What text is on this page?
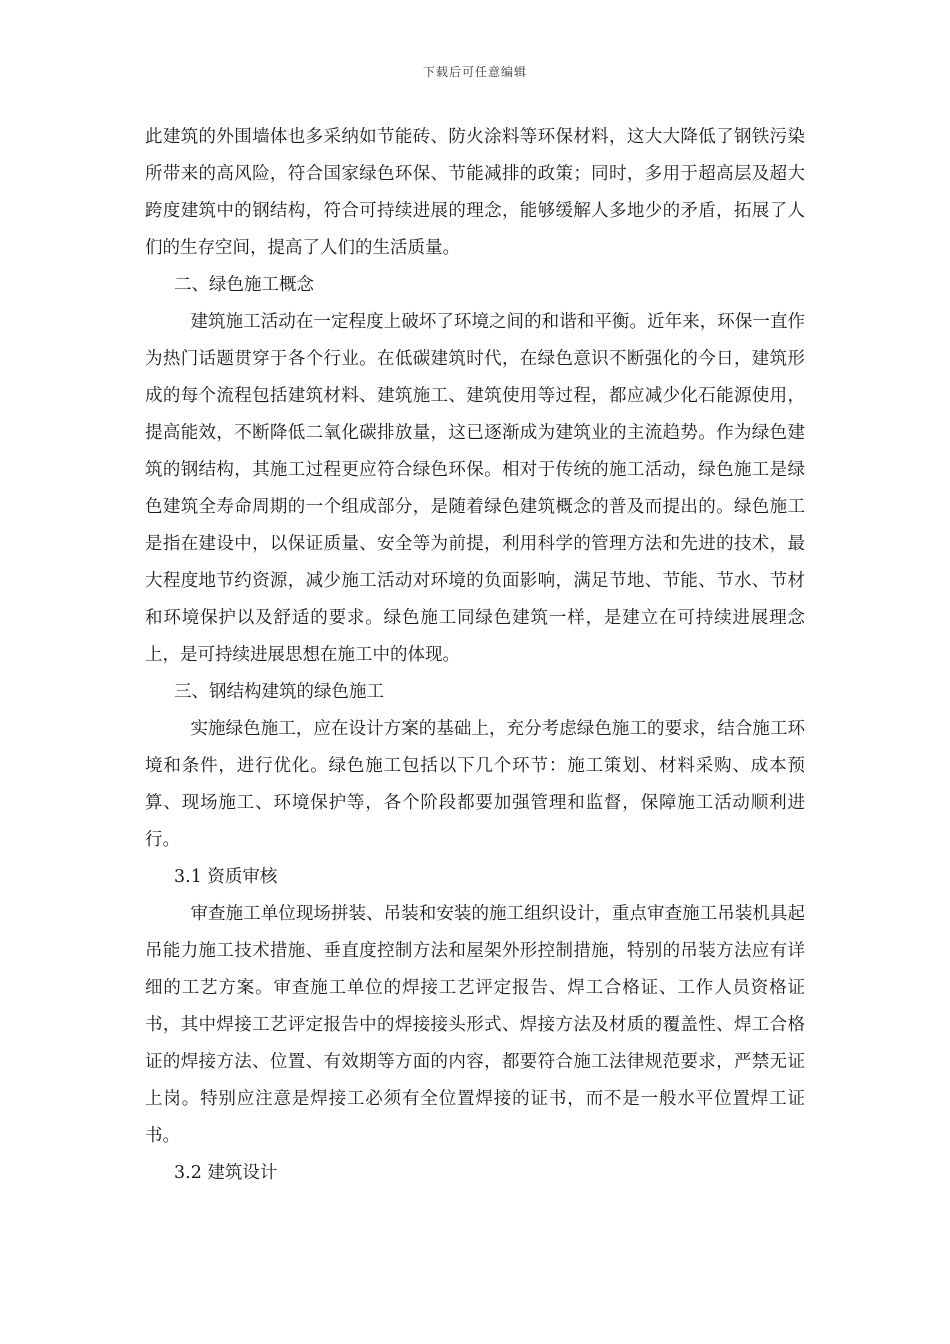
下载后可任意编辑

此建筑的外围墙体也多采纳如节能砖、防火涂料等环保材料，这大大降低了钢铁污染所带来的高风险，符合国家绿色环保、节能减排的政策；同时，多用于超高层及超大跨度建筑中的钢结构，符合可持续进展的理念，能够缓解人多地少的矛盾，拓展了人们的生存空间，提高了人们的生活质量。

二、绿色施工概念

建筑施工活动在一定程度上破坏了环境之间的和谐和平衡。近年来，环保一直作为热门话题贯穿于各个行业。在低碳建筑时代，在绿色意识不断强化的今日，建筑形成的每个流程包括建筑材料、建筑施工、建筑使用等过程，都应减少化石能源使用，提高能效，不断降低二氧化碳排放量，这已逐渐成为建筑业的主流趋势。作为绿色建筑的钢结构，其施工过程更应符合绿色环保。相对于传统的施工活动，绿色施工是绿色建筑全寿命周期的一个组成部分，是随着绿色建筑概念的普及而提出的。绿色施工是指在建设中，以保证质量、安全等为前提，利用科学的管理方法和先进的技术，最大程度地节约资源，减少施工活动对环境的负面影响，满足节地、节能、节水、节材和环境保护以及舒适的要求。绿色施工同绿色建筑一样，是建立在可持续进展理念上，是可持续进展思想在施工中的体现。

三、钢结构建筑的绿色施工

实施绿色施工，应在设计方案的基础上，充分考虑绿色施工的要求，结合施工环境和条件，进行优化。绿色施工包括以下几个环节：施工策划、材料采购、成本预算、现场施工、环境保护等，各个阶段都要加强管理和监督，保障施工活动顺利进行。

3.1 资质审核

审查施工单位现场拼装、吊装和安装的施工组织设计，重点审查施工吊装机具起吊能力施工技术措施、垂直度控制方法和屋架外形控制措施，特别的吊装方法应有详细的工艺方案。审查施工单位的焊接工艺评定报告、焊工合格证、工作人员资格证书，其中焊接工艺评定报告中的焊接接头形式、焊接方法及材质的覆盖性、焊工合格证的焊接方法、位置、有效期等方面的内容，都要符合施工法律规范要求，严禁无证上岗。特别应注意是焊接工必须有全位置焊接的证书，而不是一般水平位置焊工证书。

3.2 建筑设计
